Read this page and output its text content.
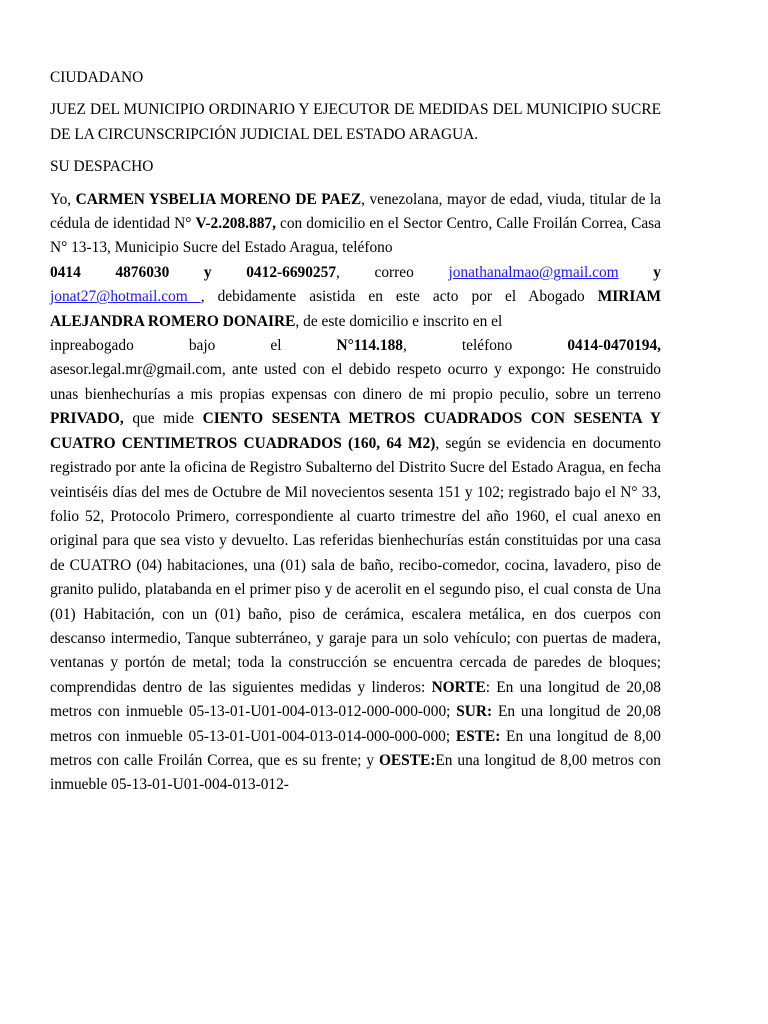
CIUDADANO

JUEZ DEL MUNICIPIO ORDINARIO Y EJECUTOR DE MEDIDAS DEL MUNICIPIO SUCRE DE LA CIRCUNSCRIPCIÓN JUDICIAL DEL ESTADO ARAGUA.

SU DESPACHO

Yo, CARMEN YSBELIA MORENO DE PAEZ, venezolana, mayor de edad, viuda, titular de la cédula de identidad N° V-2.208.887, con domicilio en el Sector Centro, Calle Froilán Correa, Casa N° 13-13, Municipio Sucre del Estado Aragua, teléfono
0414 4876030 y 0412-6690257, correo jonathanalmao@gmail.com y
jonat27@hotmail.com , debidamente asistida en este acto por el Abogado MIRIAM ALEJANDRA ROMERO DONAIRE, de este domicilio e inscrito en el
inpreabogado	bajo	el	N°114.188,	teléfono	0414-0470194,
asesor.legal.mr@gmail.com, ante usted con el debido respeto ocurro y expongo: He construido unas bienhechurías a mis propias expensas con dinero de mi propio peculio, sobre un terreno PRIVADO, que mide CIENTO SESENTA METROS CUADRADOS CON SESENTA Y CUATRO CENTIMETROS CUADRADOS (160, 64 M2), según se evidencia en documento registrado por ante la oficina de Registro Subalterno del Distrito Sucre del Estado Aragua, en fecha veintiséis días del mes de Octubre de Mil novecientos sesenta 151 y 102; registrado bajo el N° 33, folio 52, Protocolo Primero, correspondiente al cuarto trimestre del año 1960, el cual anexo en original para que sea visto y devuelto. Las referidas bienhechurías están constituidas por una casa de CUATRO (04) habitaciones, una (01) sala de baño, recibo-comedor, cocina, lavadero, piso de granito pulido, platabanda en el primer piso y de acerolit en el segundo piso, el cual consta de Una (01) Habitación, con un (01) baño, piso de cerámica, escalera metálica, en dos cuerpos con descanso intermedio, Tanque subterráneo, y garaje para un solo vehículo; con puertas de madera, ventanas y portón de metal; toda la construcción se encuentra cercada de paredes de bloques; comprendidas dentro de las siguientes medidas y linderos: NORTE: En una longitud de 20,08 metros con inmueble 05-13-01-U01-004-013-012-000-000-000; SUR: En una longitud de 20,08 metros con inmueble 05-13-01-U01-004-013-014-000-000-000; ESTE: En una longitud de 8,00 metros con calle Froilán Correa, que es su frente; y OESTE:En una longitud de 8,00 metros con inmueble 05-13-01-U01-004-013-012-
